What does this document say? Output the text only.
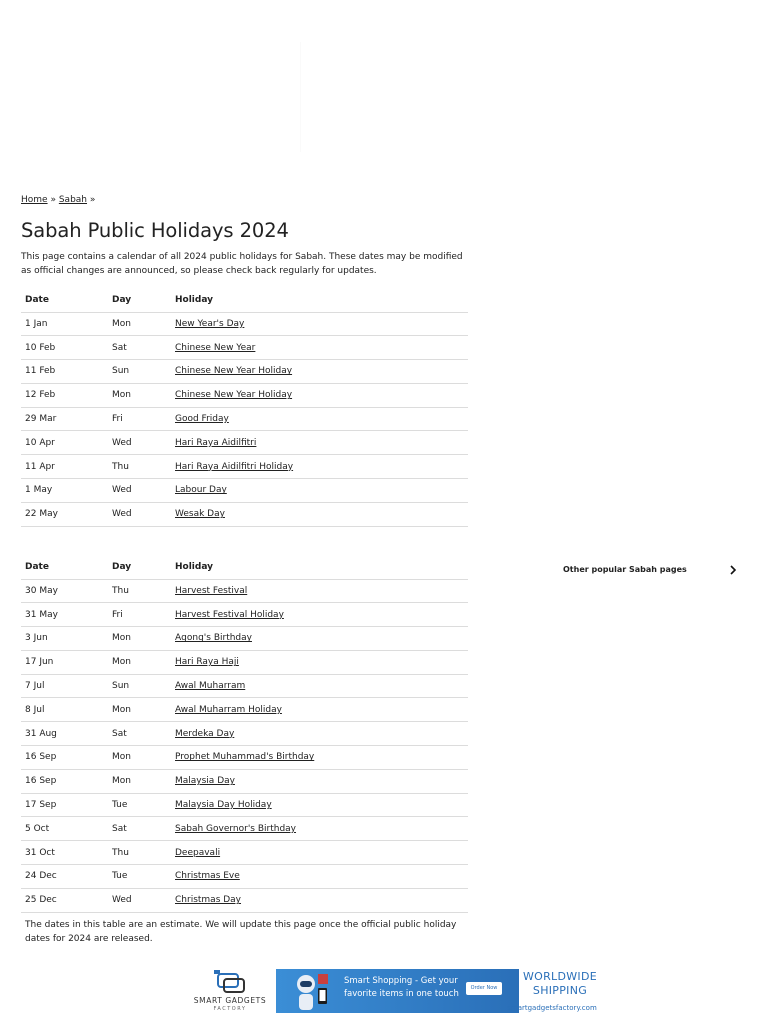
Home » Sabah »
Sabah Public Holidays 2024

This page contains a calendar of all 2024 public holidays for Sabah. These dates may be modified as official changes are announced, so please check back regularly for updates.

Date	Day	Holiday
1 Jan	Mon	New Year's Day
10 Feb	Sat	Chinese New Year
11 Feb	Sun	Chinese New Year Holiday
12 Feb	Mon	Chinese New Year Holiday
29 Mar	Fri	Good Friday
10 Apr	Wed	Hari Raya Aidilfitri
11 Apr	Thu	Hari Raya Aidilfitri Holiday
1 May	Wed	Labour Day
22 May	Wed	Wesak Day
Date	Day	Holiday
30 May	Thu	Harvest Festival
31 May	Fri	Harvest Festival Holiday
3 Jun	Mon	Agong's Birthday
17 Jun	Mon	Hari Raya Haji
7 Jul	Sun	Awal Muharram
8 Jul	Mon	Awal Muharram Holiday
31 Aug	Sat	Merdeka Day
16 Sep	Mon	Prophet Muhammad's Birthday
16 Sep	Mon	Malaysia Day
17 Sep	Tue	Malaysia Day Holiday
5 Oct	Sat	Sabah Governor's Birthday
31 Oct	Thu	Deepavali
24 Dec	Tue	Christmas Eve
25 Dec	Wed	Christmas Day

The dates in this table are an estimate. We will update this page once the official public holiday dates for 2024 are released.

Other popular Sabah pages
SMART GADGETS
FACTORY
Smart Shopping - Get your favorite items in one touch
Order Now
WORLDWIDE
SHIPPING
smartgadgetsfactory.com
